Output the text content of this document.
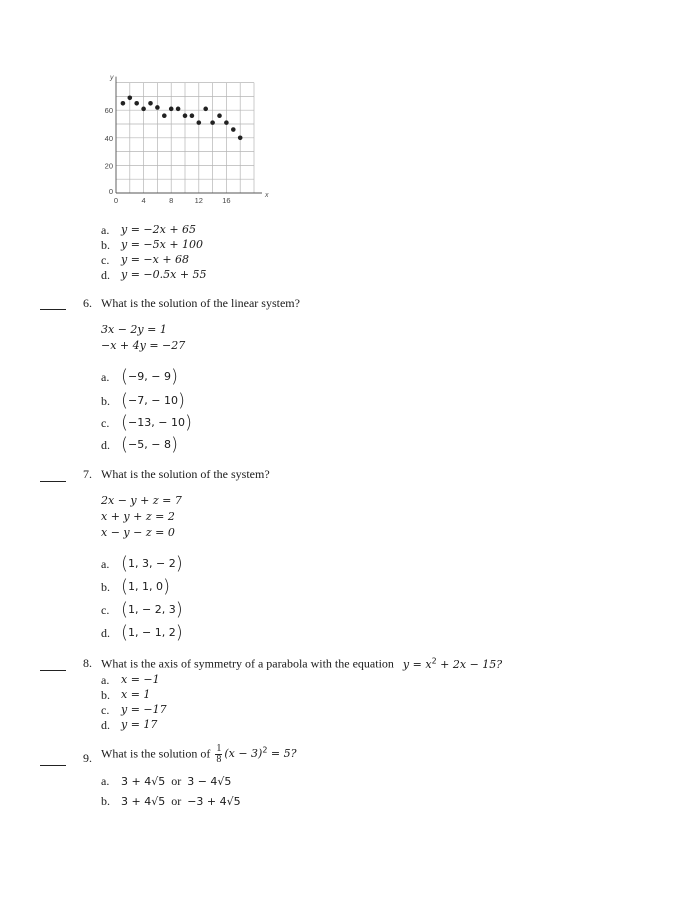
x
y
0	4	8	12	16
0
20
40
60
a.	y = −2x + 65
b.	y = −5x + 100
c.	y = −x + 68
d.	y = −0.5x + 55
6. What is the solution of the linear system?
3x − 2y = 1
−x + 4y = −27
a. (−9, − 9)
b. (−7, − 10)
c. (−13, − 10)
d. (−5, − 8)
7. What is the solution of the system?
2x − y + z = 7
x + y + z = 2
x − y − z = 0
a. (1, 3, − 2)
b. (1, 1, 0)
c. (1, − 2, 3)
d. (1, − 1, 2)
8. What is the axis of symmetry of a parabola with the equation $y = x^2 + 2x - 15$?
a.	x = −1
b.	x = 1
c.	y = −17
d.	y = 17
9. What is the solution of $\frac{1}{8} (x - 3)^2 = 5$?
a.	3 + 4√5 or 3 − 4√5
b.	3 + 4√5 or −3 + 4√5
